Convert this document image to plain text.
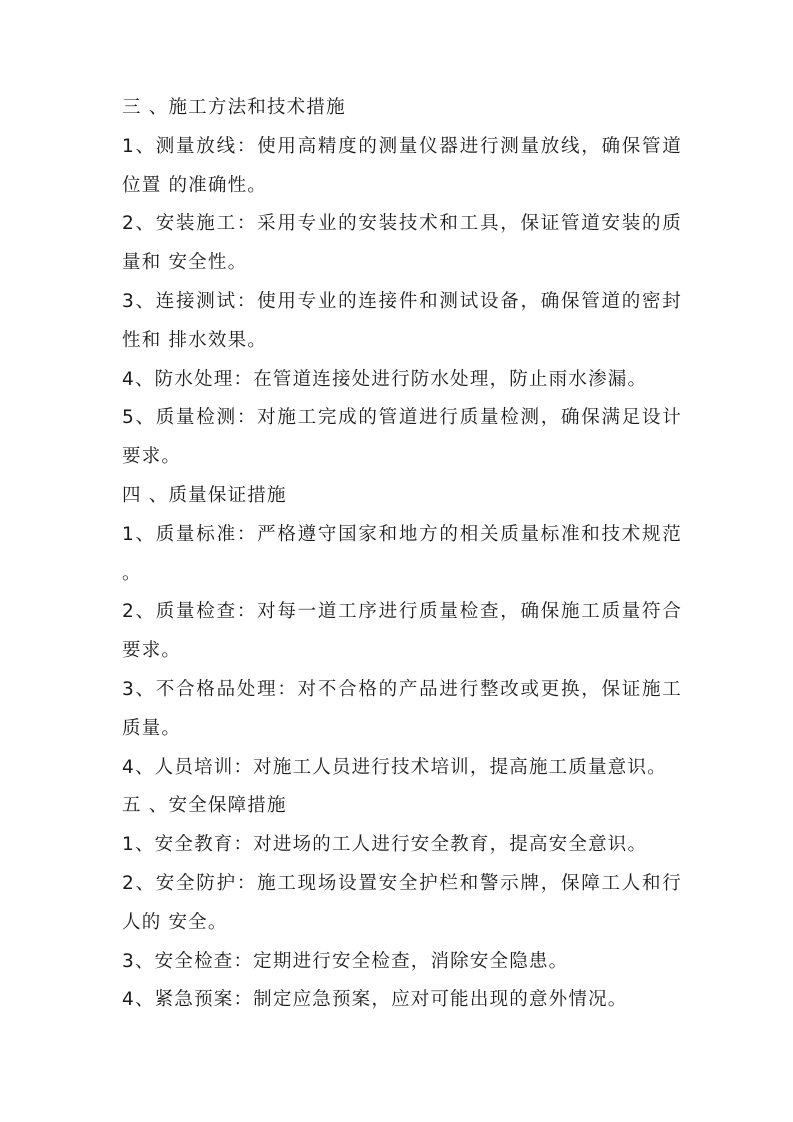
三 、施工方法和技术措施

1、测量放线：使用高精度的测量仪器进行测量放线，确保管道

位置 的准确性。

2、安装施工：采用专业的安装技术和工具，保证管道安装的质

量和 安全性。

3、连接测试：使用专业的连接件和测试设备，确保管道的密封

性和 排水效果。

4、防水处理：在管道连接处进行防水处理，防止雨水渗漏。

5、质量检测：对施工完成的管道进行质量检测，确保满足设计

要求。

四 、质量保证措施

1、质量标准：严格遵守国家和地方的相关质量标准和技术规范

。

2、质量检查：对每一道工序进行质量检查，确保施工质量符合

要求。

3、不合格品处理：对不合格的产品进行整改或更换，保证施工

质量。

4、人员培训：对施工人员进行技术培训，提高施工质量意识。

五 、安全保障措施

1、安全教育：对进场的工人进行安全教育，提高安全意识。

2、安全防护：施工现场设置安全护栏和警示牌，保障工人和行

人的 安全。

3、安全检查：定期进行安全检查，消除安全隐患。

4、紧急预案：制定应急预案，应对可能出现的意外情况。
